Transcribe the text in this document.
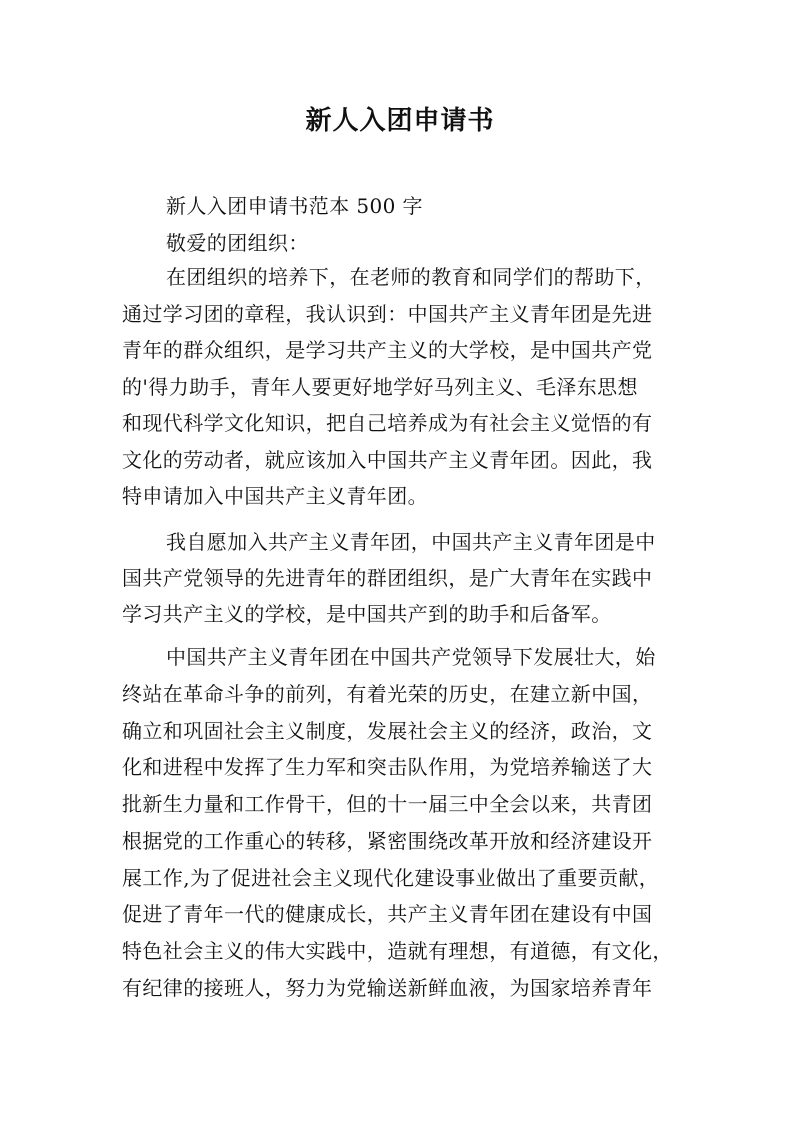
新人入团申请书
新人入团申请书范本 500 字
敬爱的团组织：
在团组织的培养下，在老师的教育和同学们的帮助下，
通过学习团的章程，我认识到：中国共产主义青年团是先进
青年的群众组织，是学习共产主义的大学校，是中国共产党
的'得力助手，青年人要更好地学好马列主义、毛泽东思想
和现代科学文化知识，把自己培养成为有社会主义觉悟的有
文化的劳动者，就应该加入中国共产主义青年团。因此，我
特申请加入中国共产主义青年团。
我自愿加入共产主义青年团，中国共产主义青年团是中
国共产党领导的先进青年的群团组织，是广大青年在实践中
学习共产主义的学校，是中国共产到的助手和后备军。
中国共产主义青年团在中国共产党领导下发展壮大，始
终站在革命斗争的前列，有着光荣的历史，在建立新中国，
确立和巩固社会主义制度，发展社会主义的经济，政治，文
化和进程中发挥了生力军和突击队作用，为党培养输送了大
批新生力量和工作骨干，但的十一届三中全会以来，共青团
根据党的工作重心的转移，紧密围绕改革开放和经济建设开
展工作,为了促进社会主义现代化建设事业做出了重要贡献，
促进了青年一代的健康成长，共产主义青年团在建设有中国
特色社会主义的伟大实践中，造就有理想，有道德，有文化，
有纪律的接班人，努力为党输送新鲜血液，为国家培养青年
